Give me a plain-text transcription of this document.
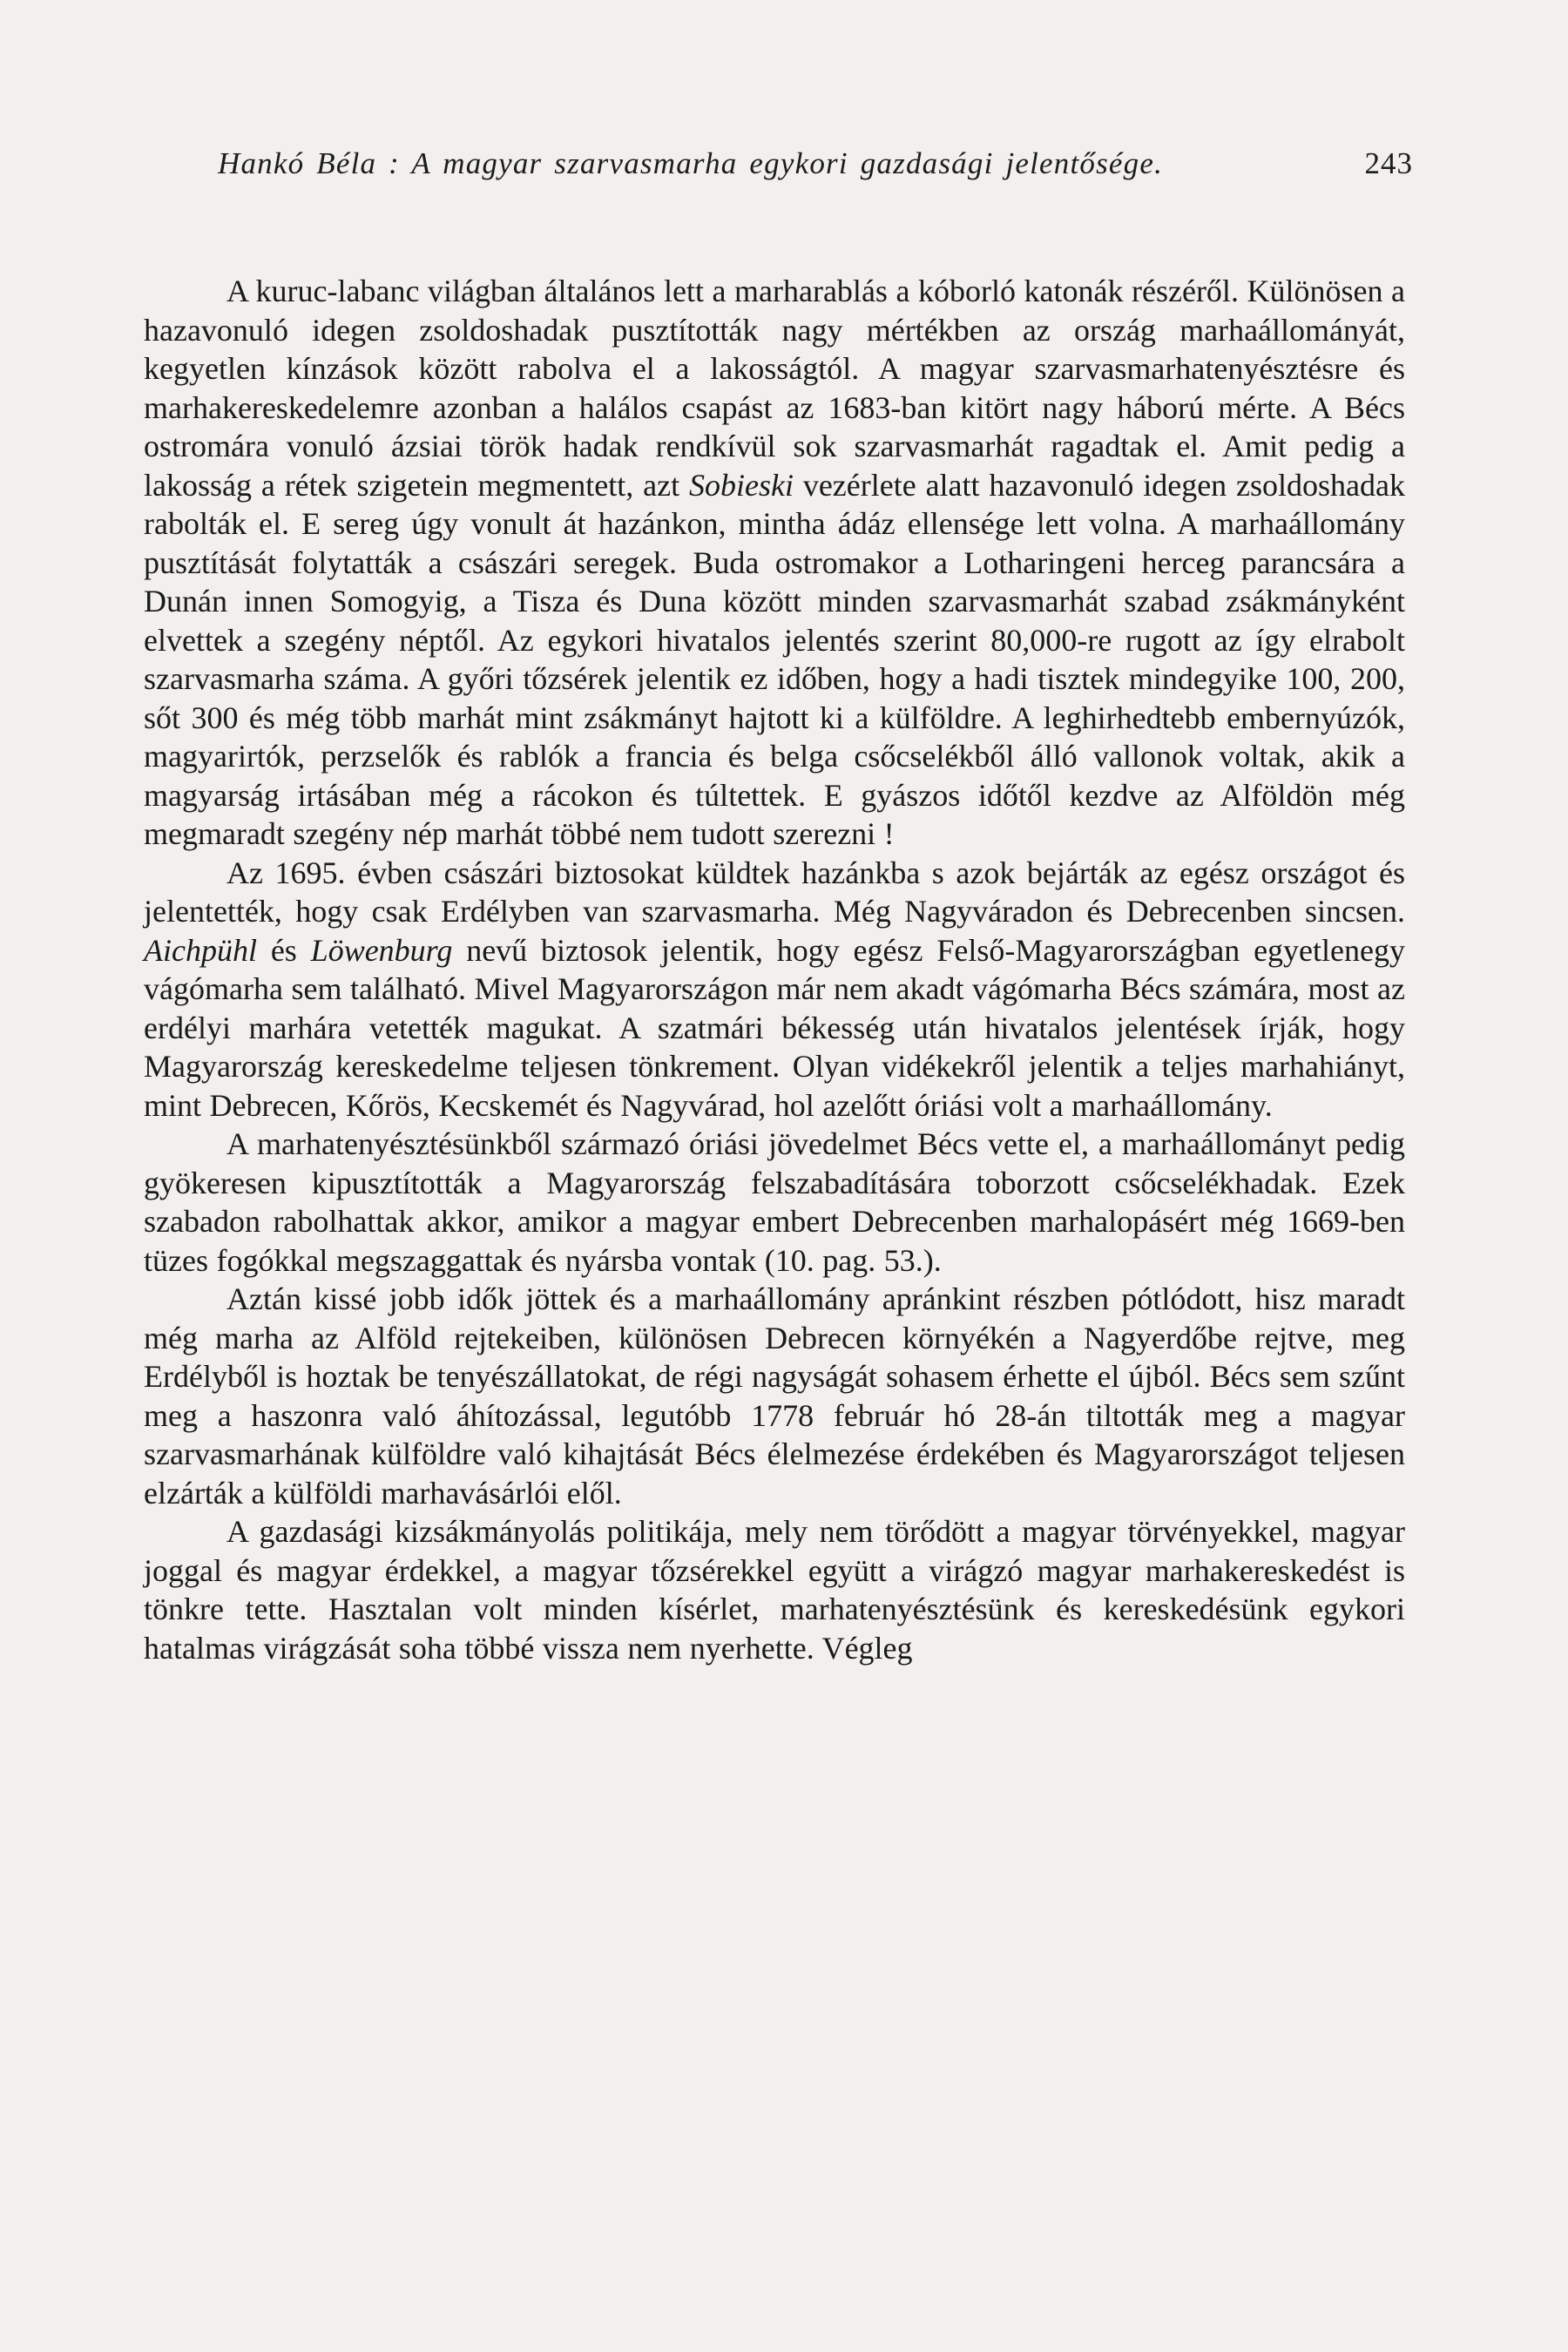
Hankó Béla : A magyar szarvasmarha egykori gazdasági jelentősége.	243

A kuruc-labanc világban általános lett a marharablás a kóborló katonák részéről. Különösen a hazavonuló idegen zsoldoshadak pusztították nagy mértékben az ország marhaállományát, kegyetlen kínzások között rabolva el a lakosságtól. A magyar szarvasmarhatenyésztésre és marhakereskedelemre azonban a halálos csapást az 1683-ban kitört nagy háború mérte. A Bécs ostromára vonuló ázsiai török hadak rendkívül sok szarvasmarhát ragadtak el. Amit pedig a lakosság a rétek szigetein megmentett, azt Sobieski vezérlete alatt hazavonuló idegen zsoldoshadak rabolták el. E sereg úgy vonult át hazánkon, mintha ádáz ellensége lett volna. A marhaállomány pusztítását folytatták a császári seregek. Buda ostromakor a Lotharingeni herceg parancsára a Dunán innen Somogyig, a Tisza és Duna között minden szarvasmarhát szabad zsákmányként elvettek a szegény néptől. Az egykori hivatalos jelentés szerint 80,000-re rugott az így elrabolt szarvasmarha száma. A győri tőzsérek jelentik ez időben, hogy a hadi tisztek mindegyike 100, 200, sőt 300 és még több marhát mint zsákmányt hajtott ki a külföldre. A leghirhedtebb embernyúzók, magyarirtók, perzselők és rablók a francia és belga csőcselékből álló vallonok voltak, akik a magyarság irtásában még a rácokon és túltettek. E gyászos időtől kezdve az Alföldön még megmaradt szegény nép marhát többé nem tudott szerezni !

Az 1695. évben császári biztosokat küldtek hazánkba s azok bejárták az egész országot és jelentették, hogy csak Erdélyben van szarvasmarha. Még Nagyváradon és Debrecenben sincsen. Aichpühl és Löwenburg nevű biztosok jelentik, hogy egész Felső-Magyarországban egyetlenegy vágómarha sem található. Mivel Magyarországon már nem akadt vágómarha Bécs számára, most az erdélyi marhára vetették magukat. A szatmári békesség után hivatalos jelentések írják, hogy Magyarország kereskedelme teljesen tönkrement. Olyan vidékekről jelentik a teljes marhahiányt, mint Debrecen, Kőrös, Kecskemét és Nagyvárad, hol azelőtt óriási volt a marhaállomány.

A marhatenyésztésünkből származó óriási jövedelmet Bécs vette el, a marhaállományt pedig gyökeresen kipusztították a Magyarország felszabadítására toborzott csőcselékhadak. Ezek szabadon rabolhattak akkor, amikor a magyar embert Debrecenben marhalopásért még 1669-ben tüzes fogókkal megszaggattak és nyársba vontak (10. pag. 53.).

Aztán kissé jobb idők jöttek és a marhaállomány apránkint részben pótlódott, hisz maradt még marha az Alföld rejtekeiben, különösen Debrecen környékén a Nagyerdőbe rejtve, meg Erdélyből is hoztak be tenyészállatokat, de régi nagyságát sohasem érhette el újból. Bécs sem szűnt meg a haszonra való áhítozással, legutóbb 1778 február hó 28-án tiltották meg a magyar szarvasmarhának külföldre való kihajtását Bécs élelmezése érdekében és Magyarországot teljesen elzárták a külföldi marhavásárlói elől.

A gazdasági kizsákmányolás politikája, mely nem törődött a magyar törvényekkel, magyar joggal és magyar érdekkel, a magyar tőzsérekkel együtt a virágzó magyar marhakereskedést is tönkre tette. Hasztalan volt minden kísérlet, marhatenyésztésünk és kereskedésünk egykori hatalmas virágzását soha többé vissza nem nyerhette. Végleg
